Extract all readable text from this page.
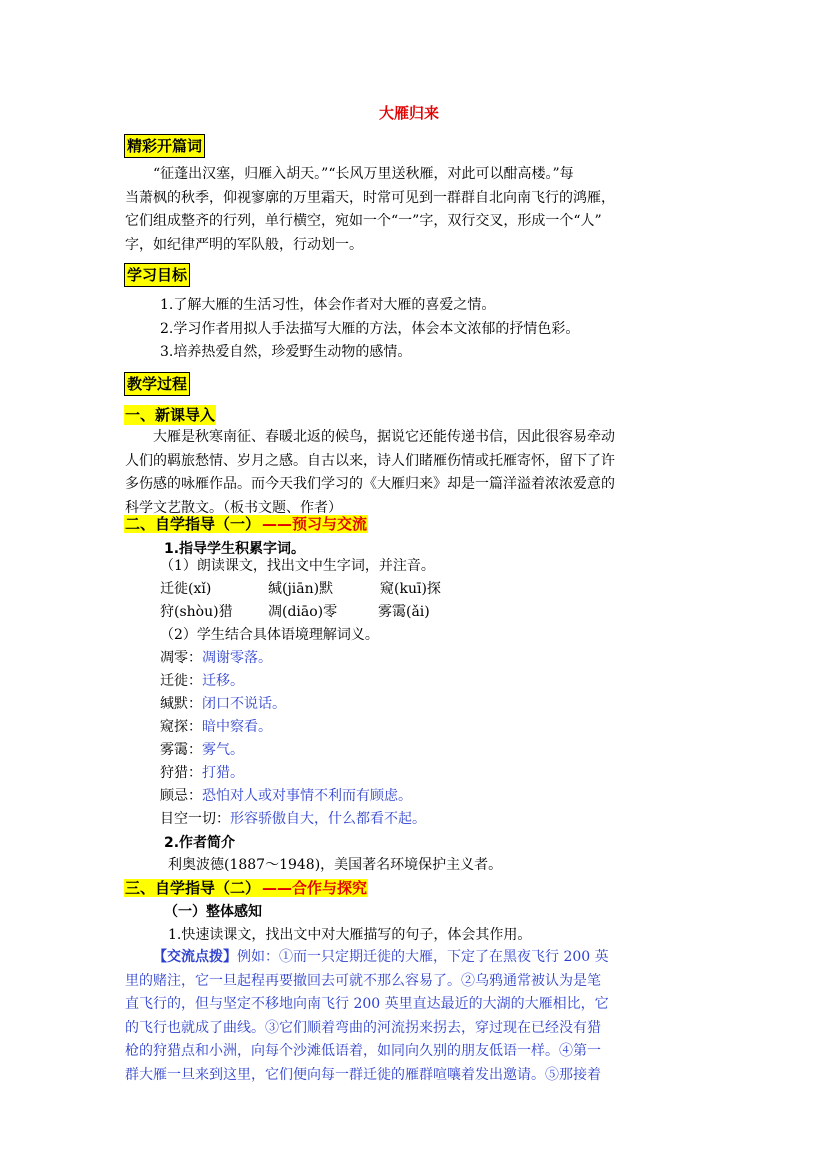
大雁归来
精彩开篇词
“征蓬出汉塞，归雁入胡天。”“长风万里送秋雁，对此可以酣高楼。”每
当萧枫的秋季，仰视寥廓的万里霜天，时常可见到一群群自北向南飞行的鸿雁，
它们组成整齐的行列，单行横空，宛如一个“一”字，双行交叉，形成一个“人”
字，如纪律严明的军队般，行动划一。
学习目标
1.了解大雁的生活习性，体会作者对大雁的喜爱之情。
2.学习作者用拟人手法描写大雁的方法，体会本文浓郁的抒情色彩。
3.培养热爱自然，珍爱野生动物的感情。
教学过程
一、新课导入
大雁是秋寒南征、春暖北返的候鸟，据说它还能传递书信，因此很容易牵动
人们的羁旅愁情、岁月之感。自古以来，诗人们睹雁伤情或托雁寄怀，留下了许
多伤感的咏雁作品。而今天我们学习的《大雁归来》却是一篇洋溢着浓浓爱意的
科学文艺散文。（板书文题、作者）
二、自学指导（一） ——预习与交流
1.指导学生积累字词。
（1）朗读课文，找出文中生字词，并注音。
迁徙(xǐ)	缄(jiān)默	窥(kuī)探
狩(shòu)猎	凋(diāo)零	雾霭(ǎi)
（2）学生结合具体语境理解词义。
凋零：凋谢零落。
迁徙：迁移。
缄默：闭口不说话。
窥探：暗中察看。
雾霭：雾气。
狩猎：打猎。
顾忌：恐怕对人或对事情不利而有顾虑。
目空一切：形容骄傲自大，什么都看不起。
2.作者简介
利奥波德(1887～1948)，美国著名环境保护主义者。
三、自学指导（二） ——合作与探究
（一）整体感知
1.快速读课文，找出文中对大雁描写的句子，体会其作用。
【交流点拨】例如：①而一只定期迁徙的大雁，下定了在黑夜飞行 200 英
里的赌注，它一旦起程再要撤回去可就不那么容易了。②乌鸦通常被认为是笔
直飞行的，但与坚定不移地向南飞行 200 英里直达最近的大湖的大雁相比，它
的飞行也就成了曲线。③它们顺着弯曲的河流拐来拐去，穿过现在已经没有猎
枪的狩猎点和小洲，向每个沙滩低语着，如同向久别的朋友低语一样。④第一
群大雁一旦来到这里，它们便向每一群迁徙的雁群喧嚷着发出邀请。⑤那接着
